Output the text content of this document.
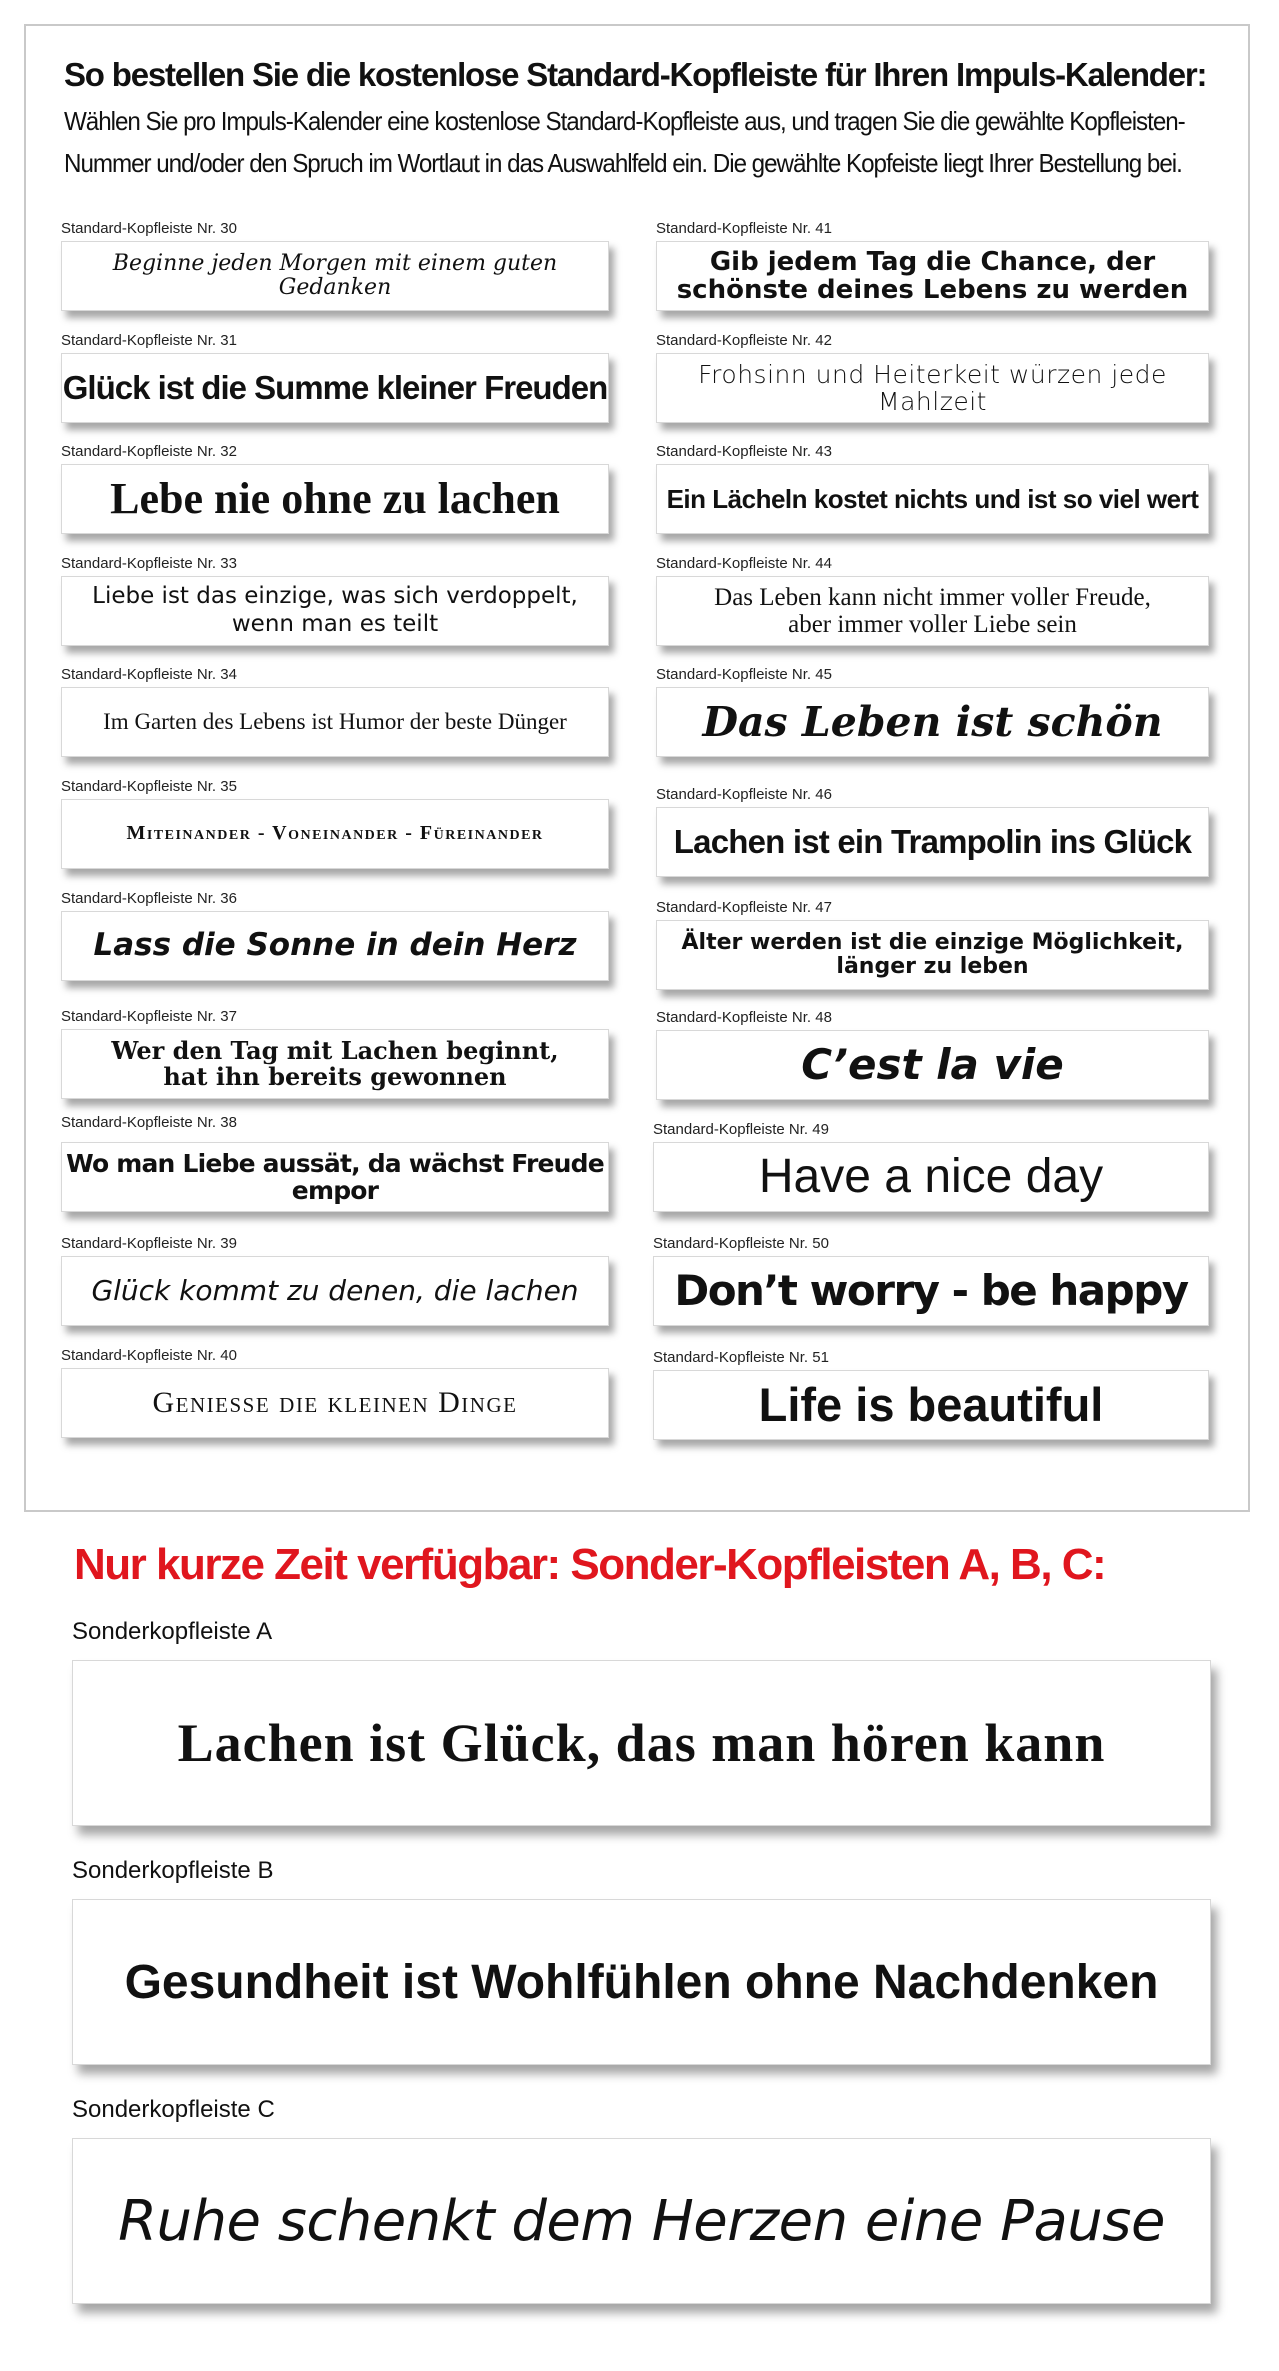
So bestellen Sie die kostenlose Standard-Kopfleiste für Ihren Impuls-Kalender:
Wählen Sie pro Impuls-Kalender eine kostenlose Standard-Kopfleiste aus, und tragen Sie die gewählte Kopfleisten-
Nummer und/oder den Spruch im Wortlaut in das Auswahlfeld ein. Die gewählte Kopfeiste liegt Ihrer Bestellung bei.
Standard-Kopfleiste Nr. 30
Beginne jeden Morgen mit einem guten Gedanken
Standard-Kopfleiste Nr. 31
Glück ist die Summe kleiner Freuden
Standard-Kopfleiste Nr. 32
Lebe nie ohne zu lachen
Standard-Kopfleiste Nr. 33
Liebe ist das einzige, was sich verdoppelt,
wenn man es teilt
Standard-Kopfleiste Nr. 34
Im Garten des Lebens ist Humor der beste Dünger
Standard-Kopfleiste Nr. 35
Miteinander - Voneinander - Füreinander
Standard-Kopfleiste Nr. 36
Lass die Sonne in dein Herz
Standard-Kopfleiste Nr. 37
Wer den Tag mit Lachen beginnt,
hat ihn bereits gewonnen
Standard-Kopfleiste Nr. 38
Wo man Liebe aussät, da wächst Freude empor
Standard-Kopfleiste Nr. 39
Glück kommt zu denen, die lachen
Standard-Kopfleiste Nr. 40
Geniesse die kleinen Dinge
Standard-Kopfleiste Nr. 41
Gib jedem Tag die Chance, der
schönste deines Lebens zu werden
Standard-Kopfleiste Nr. 42
Frohsinn und Heiterkeit würzen jede Mahlzeit
Standard-Kopfleiste Nr. 43
Ein Lächeln kostet nichts und ist so viel wert
Standard-Kopfleiste Nr. 44
Das Leben kann nicht immer voller Freude,
aber immer voller Liebe sein
Standard-Kopfleiste Nr. 45
Das Leben ist schön
Standard-Kopfleiste Nr. 46
Lachen ist ein Trampolin ins Glück
Standard-Kopfleiste Nr. 47
Älter werden ist die einzige Möglichkeit,
länger zu leben
Standard-Kopfleiste Nr. 48
C’est la vie
Standard-Kopfleiste Nr. 49
Have a nice day
Standard-Kopfleiste Nr. 50
Don’t worry - be happy
Standard-Kopfleiste Nr. 51
Life is beautiful
Nur kurze Zeit verfügbar: Sonder-Kopfleisten A, B, C:
Sonderkopfleiste A
Lachen ist Glück, das man hören kann
Sonderkopfleiste B
Gesundheit ist Wohlfühlen ohne Nachdenken
Sonderkopfleiste C
Ruhe schenkt dem Herzen eine Pause
